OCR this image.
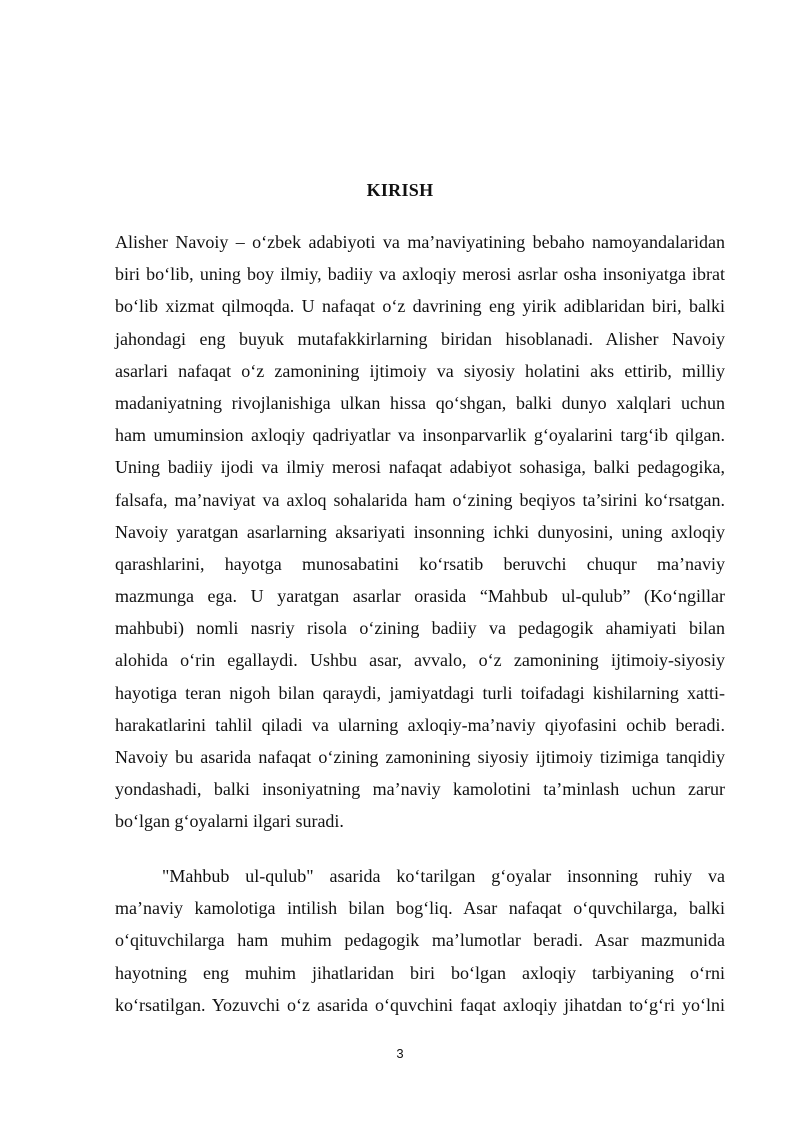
KIRISH
Alisher Navoiy – o‘zbek adabiyoti va ma’naviyatining bebaho namoyandalaridan
biri bo‘lib, uning boy ilmiy, badiiy va axloqiy merosi asrlar osha insoniyatga ibrat
bo‘lib xizmat qilmoqda. U nafaqat o‘z davrining eng yirik adiblaridan biri, balki
jahondagi eng buyuk mutafakkirlarning biridan hisoblanadi. Alisher Navoiy
asarlari nafaqat o‘z zamonining ijtimoiy va siyosiy holatini aks ettirib, milliy
madaniyatning rivojlanishiga ulkan hissa qo‘shgan, balki dunyo xalqlari uchun
ham umuminsion axloqiy qadriyatlar va insonparvarlik g‘oyalarini targ‘ib qilgan.
Uning badiiy ijodi va ilmiy merosi nafaqat adabiyot sohasiga, balki pedagogika,
falsafa, ma’naviyat va axloq sohalarida ham o‘zining beqiyos ta’sirini ko‘rsatgan.
Navoiy yaratgan asarlarning aksariyati insonning ichki dunyosini, uning axloqiy
qarashlarini, hayotga munosabatini ko‘rsatib beruvchi chuqur ma’naviy
mazmunga ega. U yaratgan asarlar orasida “Mahbub ul-qulub” (Ko‘ngillar
mahbubi) nomli nasriy risola o‘zining badiiy va pedagogik ahamiyati bilan
alohida o‘rin egallaydi. Ushbu asar, avvalo, o‘z zamonining ijtimoiy-siyosiy
hayotiga teran nigoh bilan qaraydi, jamiyatdagi turli toifadagi kishilarning xatti-
harakatlarini tahlil qiladi va ularning axloqiy-ma’naviy qiyofasini ochib beradi.
Navoiy bu asarida nafaqat o‘zining zamonining siyosiy ijtimoiy tizimiga tanqidiy
yondashadi, balki insoniyatning ma’naviy kamolotini ta’minlash uchun zarur
bo‘lgan g‘oyalarni ilgari suradi.
"Mahbub ul-qulub" asarida ko‘tarilgan g‘oyalar insonning ruhiy va
ma’naviy kamolotiga intilish bilan bog‘liq. Asar nafaqat o‘quvchilarga, balki
o‘qituvchilarga ham muhim pedagogik ma’lumotlar beradi. Asar mazmunida
hayotning eng muhim jihatlaridan biri bo‘lgan axloqiy tarbiyaning o‘rni
ko‘rsatilgan. Yozuvchi o‘z asarida o‘quvchini faqat axloqiy jihatdan to‘g‘ri yo‘lni
3
